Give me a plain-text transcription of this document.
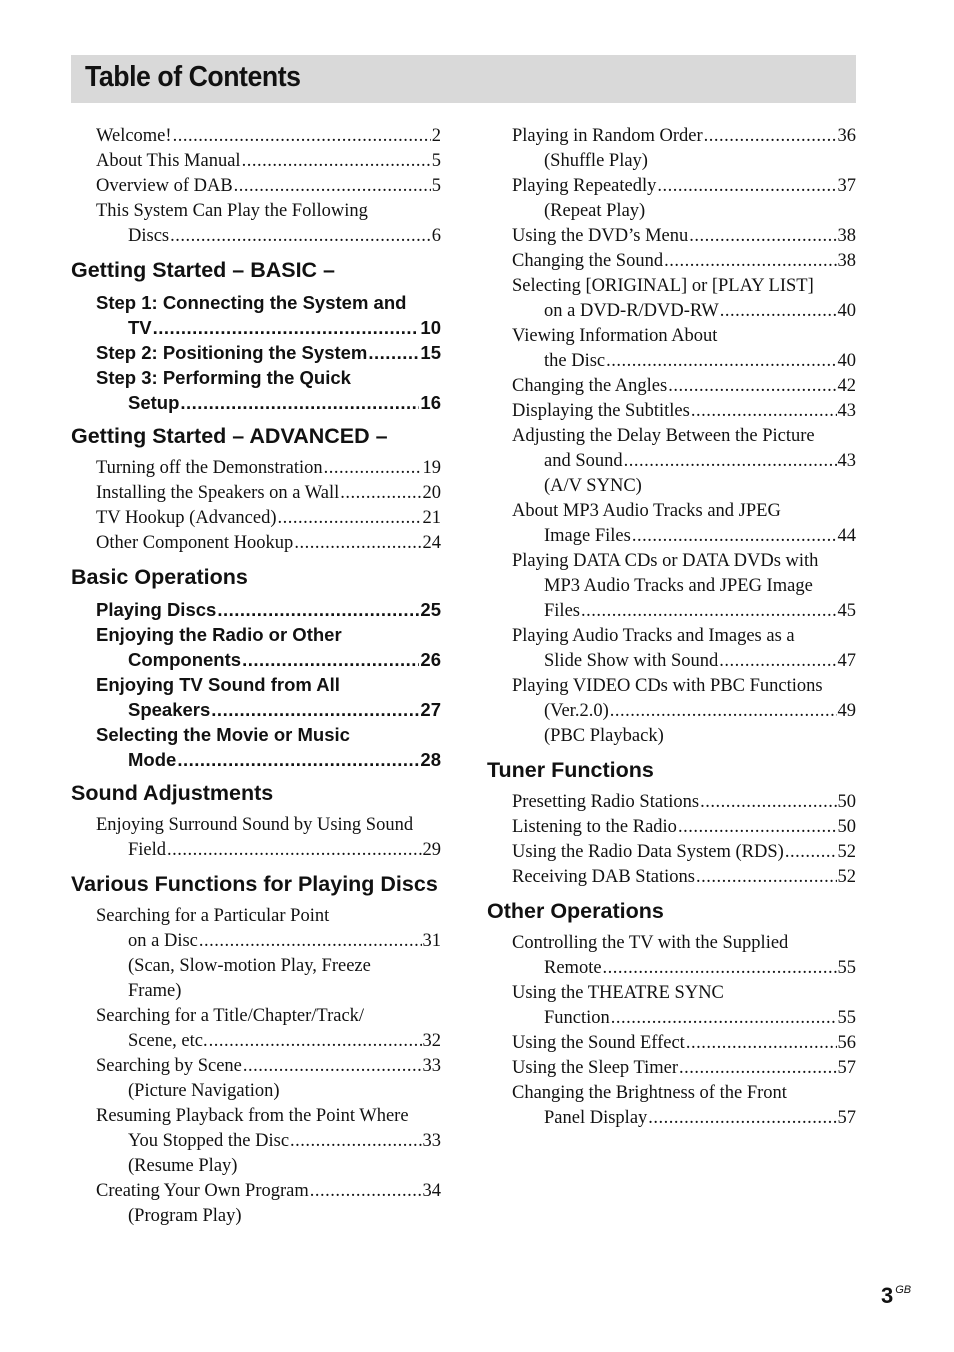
Table of Contents
Welcome! .....	2
About This Manual .....	5
Overview of DAB .....	5
This System Can Play the Following
Discs .....	6
Getting Started – BASIC –
Step 1: Connecting the System and
TV .....	10
Step 2: Positioning the System .....	15
Step 3: Performing the Quick
Setup .....	16
Getting Started – ADVANCED –
Turning off the Demonstration .....	19
Installing the Speakers on a Wall .....	20
TV Hookup (Advanced) .....	21
Other Component Hookup .....	24
Basic Operations
Playing Discs .....	25
Enjoying the Radio or Other
Components .....	26
Enjoying TV Sound from All
Speakers .....	27
Selecting the Movie or Music
Mode .....	28
Sound Adjustments
Enjoying Surround Sound by Using Sound
Field .....	29
Various Functions for Playing Discs
Searching for a Particular Point
on a Disc .....	31
(Scan, Slow-motion Play, Freeze
Frame)
Searching for a Title/Chapter/Track/
Scene, etc. .....	32
Searching by Scene .....	33
(Picture Navigation)
Resuming Playback from the Point Where
You Stopped the Disc .....	33
(Resume Play)
Creating Your Own Program .....	34
(Program Play)
Playing in Random Order .....	36
(Shuffle Play)
Playing Repeatedly .....	37
(Repeat Play)
Using the DVD’s Menu .....	38
Changing the Sound .....	38
Selecting [ORIGINAL] or [PLAY LIST]
on a DVD-R/DVD-RW .....	40
Viewing Information About
the Disc .....	40
Changing the Angles .....	42
Displaying the Subtitles .....	43
Adjusting the Delay Between the Picture
and Sound .....	43
(A/V SYNC)
About MP3 Audio Tracks and JPEG
Image Files .....	44
Playing DATA CDs or DATA DVDs with
MP3 Audio Tracks and JPEG Image
Files .....	45
Playing Audio Tracks and Images as a
Slide Show with Sound .....	47
Playing VIDEO CDs with PBC Functions
(Ver.2.0) .....	49
(PBC Playback)
Tuner Functions
Presetting Radio Stations .....	50
Listening to the Radio .....	50
Using the Radio Data System (RDS) .....	52
Receiving DAB Stations .....	52
Other Operations
Controlling the TV with the Supplied
Remote .....	55
Using the THEATRE SYNC
Function .....	55
Using the Sound Effect .....	56
Using the Sleep Timer .....	57
Changing the Brightness of the Front
Panel Display .....	57
3 $^{GB}$
